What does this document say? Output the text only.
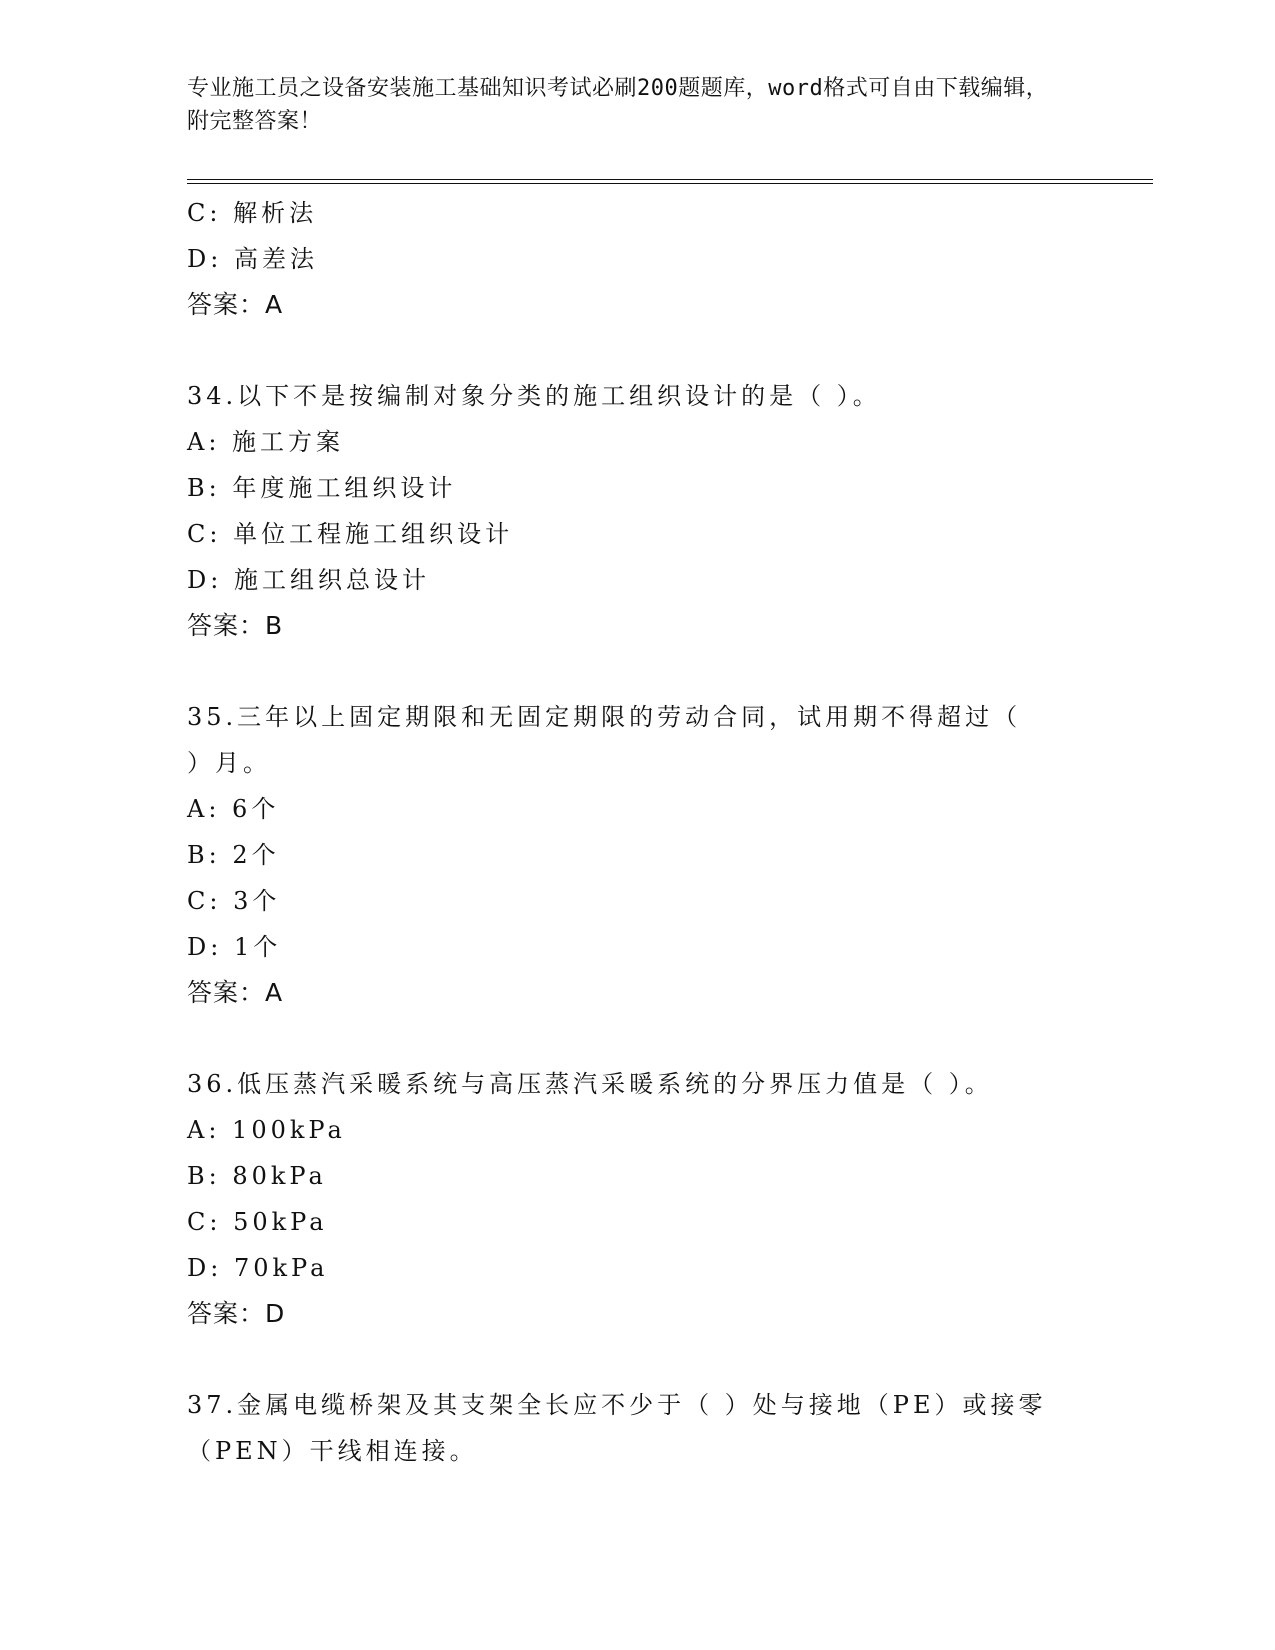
专业施工员之设备安装施工基础知识考试必刷200题题库，word格式可自由下载编辑，附完整答案！
C: 解析法
D: 高差法
答案：A
34.以下不是按编制对象分类的施工组织设计的是（ ）。
A: 施工方案
B: 年度施工组织设计
C: 单位工程施工组织设计
D: 施工组织总设计
答案：B
35.三年以上固定期限和无固定期限的劳动合同，试用期不得超过（
）月。
A: 6个
B: 2个
C: 3个
D: 1个
答案：A
36.低压蒸汽采暖系统与高压蒸汽采暖系统的分界压力值是（ ）。
A: 100kPa
B: 80kPa
C: 50kPa
D: 70kPa
答案：D
37.金属电缆桥架及其支架全长应不少于（ ）处与接地（PE）或接零
（PEN）干线相连接。
